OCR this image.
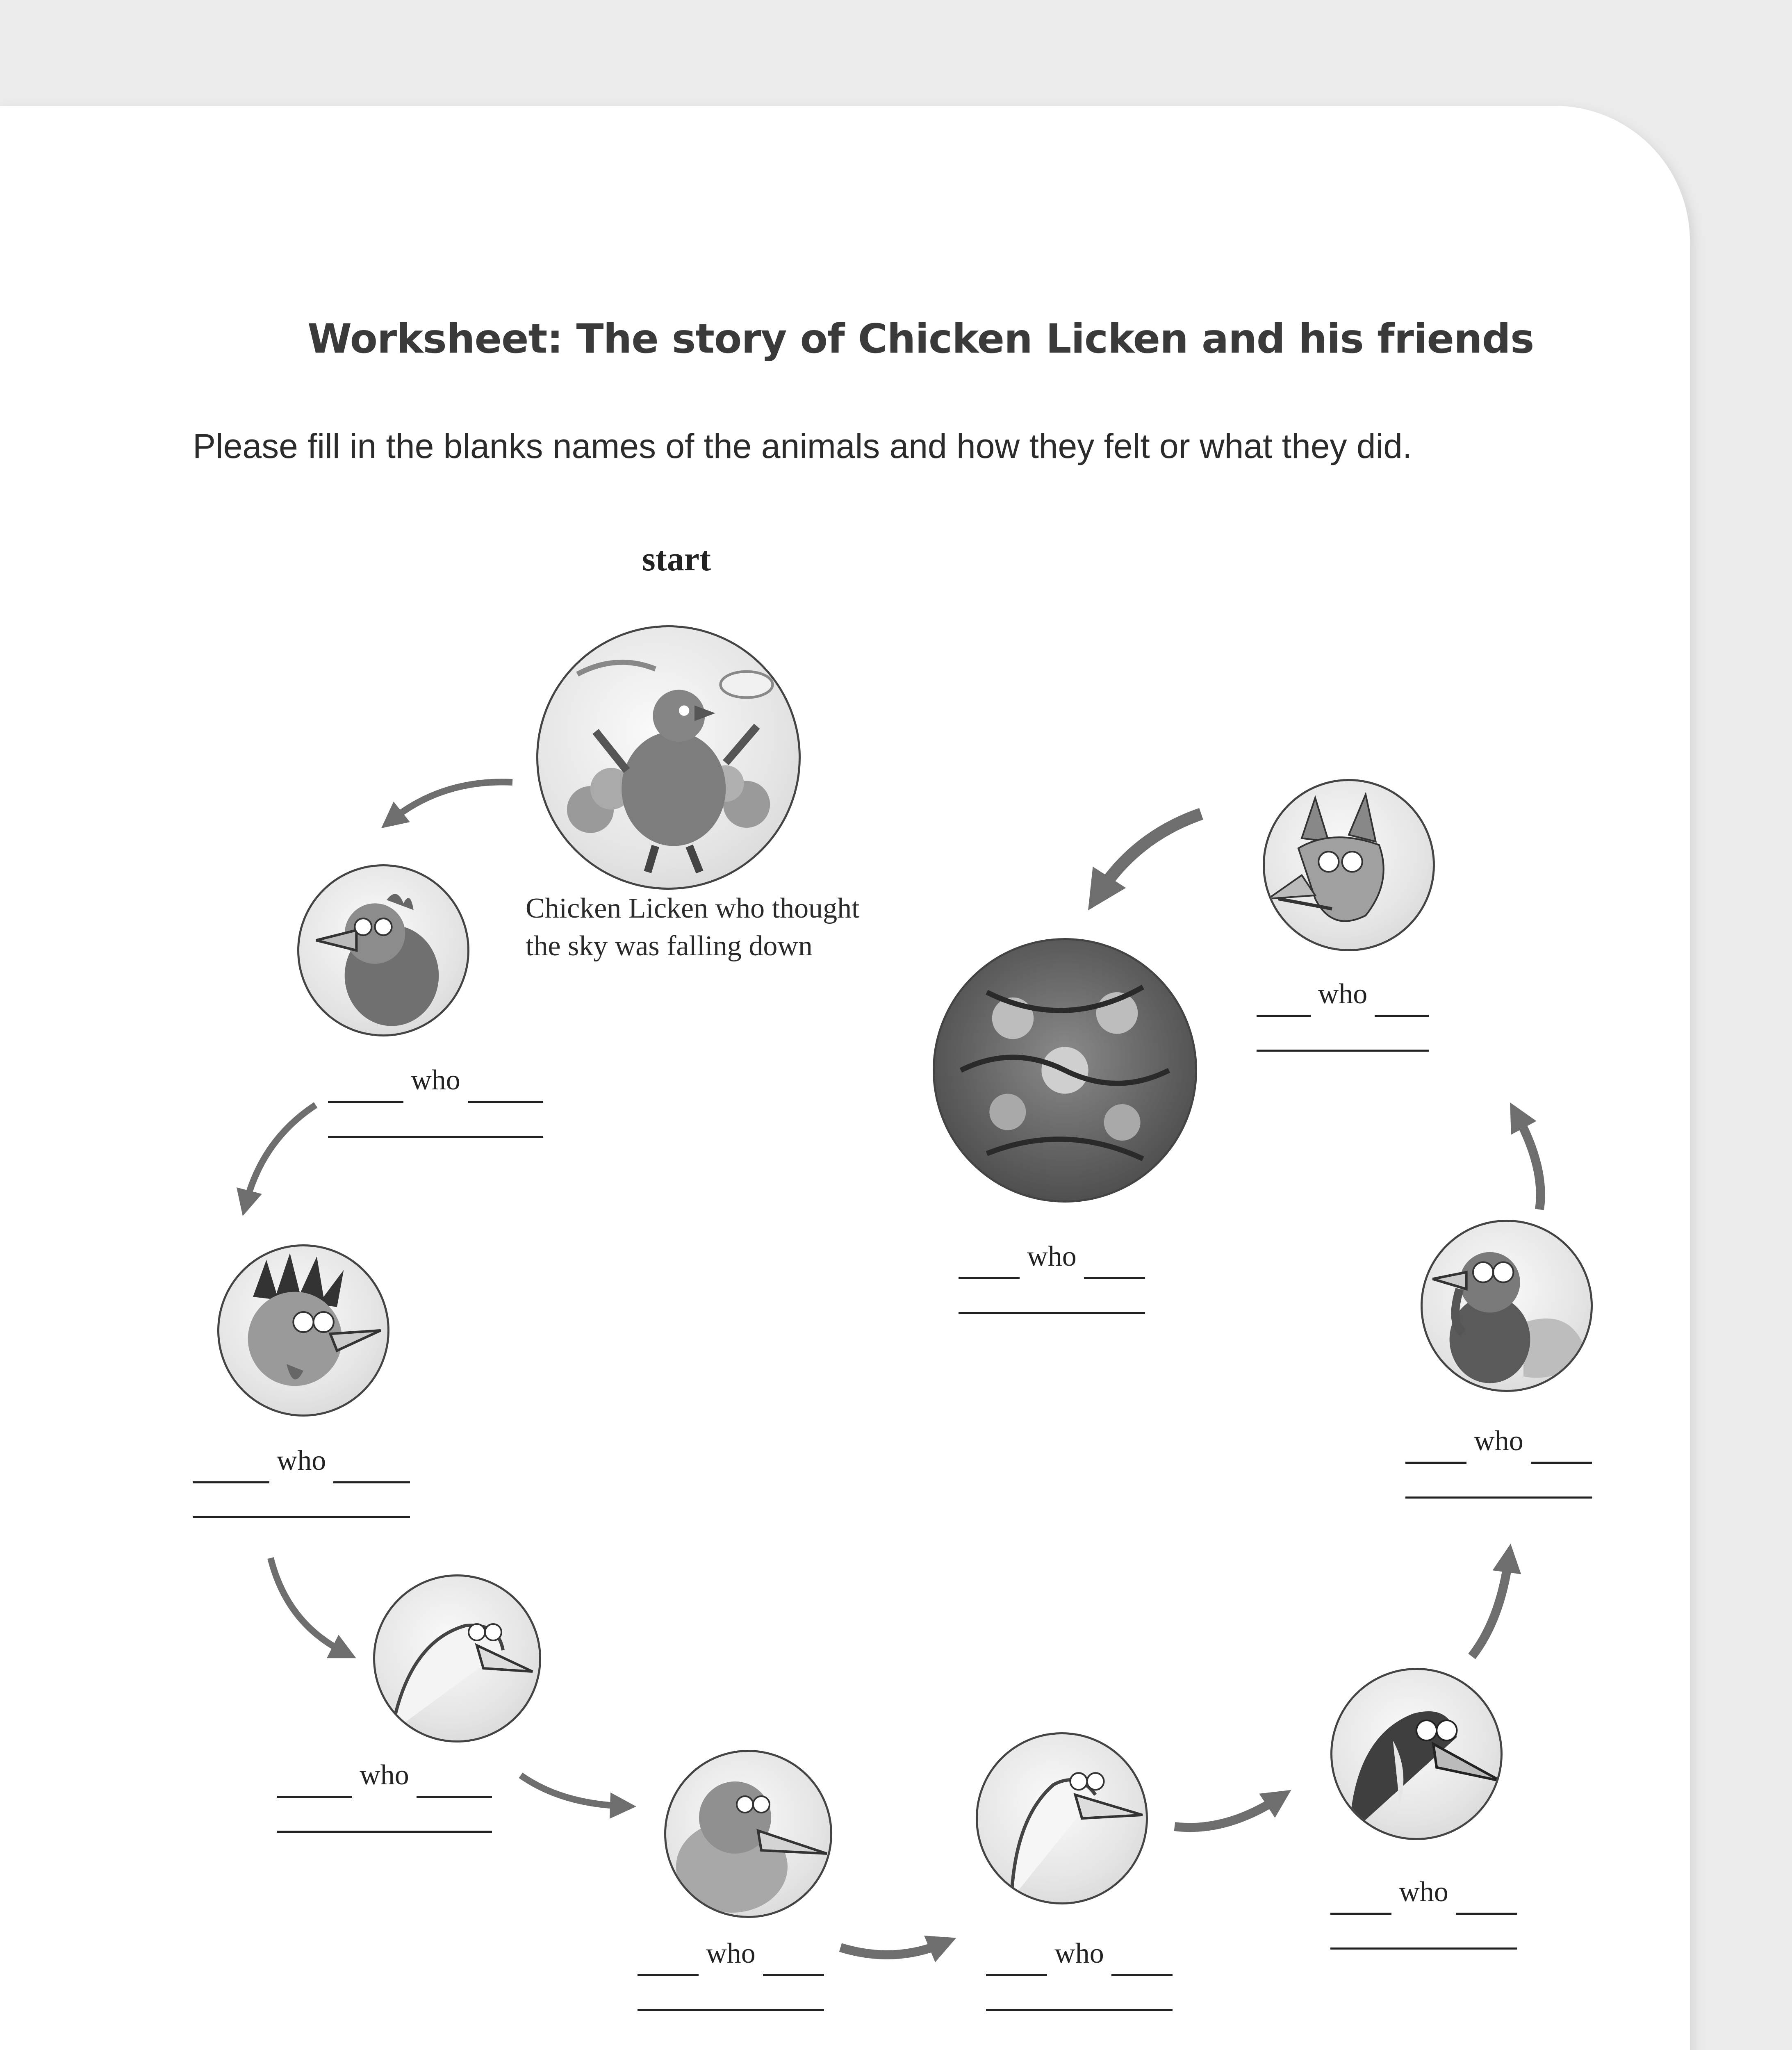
Worksheet: The story of Chicken Licken and his friends
Please fill in the blanks names of the animals and how they felt or what they did.
start
Chicken Licken who thought
the sky was falling down
who
who
who
who	who
who
who
who
who
